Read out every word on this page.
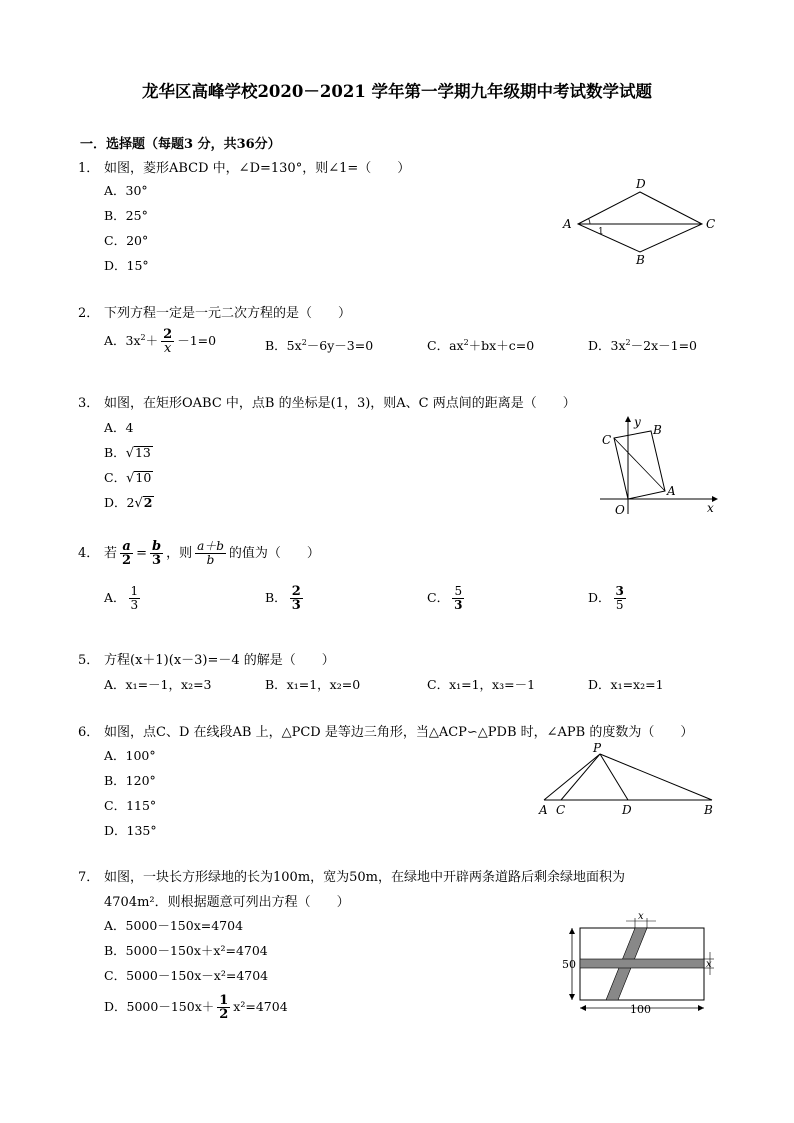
龙华区高峰学校2020－2021 学年第一学期九年级期中考试数学试题
一．选择题（每题3 分，共36分）
1． 如图，菱形ABCD 中，∠D=130°，则∠1=（　　）
A．30°
B．25°
C．20°
D．15°
A
D
C
B
1
2． 下列方程一定是一元二次方程的是（　　）
A．$3x^2+ \frac{2}{x} -1=0$	B．$5x^2-6y-3=0$	C．$ax^2+bx+c=0$	D．$3x^2-2x-1=0$
3． 如图，在矩形OABC 中，点B 的坐标是(1，3)，则A、C 两点间的距离是（　　）
A．4
B．√13
C．√10
D．2√2
C
B
A
O	x
y
4． 若 $\frac{a}{2} = \frac{b}{3}$ ，则 $\frac{a+b}{b}$ 的值为（　　）
A． $\frac{1}{3}$	B． $\frac{2}{3}$	C． $\frac{5}{3}$	D． $\frac{3}{5}$
5． 方程(x＋1)(x－3)=－4 的解是（　　）
A．x₁=－1，x₂=3	B．x₁=1，x₂=0	C．x₁=1，x₃=－1	D．x₁=x₂=1
6． 如图，点C、D 在线段AB 上，△PCD 是等边三角形，当△ACP∽△PDB 时，∠APB 的度数为（　　）
A．100°
B．120°
C．115°
D．135°
P
A C	D	B
7． 如图，一块长方形绿地的长为100m，宽为50m，在绿地中开辟两条道路后剩余绿地面积为
4704m²．则根据题意可列出方程（　　）
A．5000－150x=4704
B．5000－150x＋x²=4704
C．5000－150x－x²=4704
D．$5000-150x+ \frac{1}{2} x^2=4704$
50
100
x
x
